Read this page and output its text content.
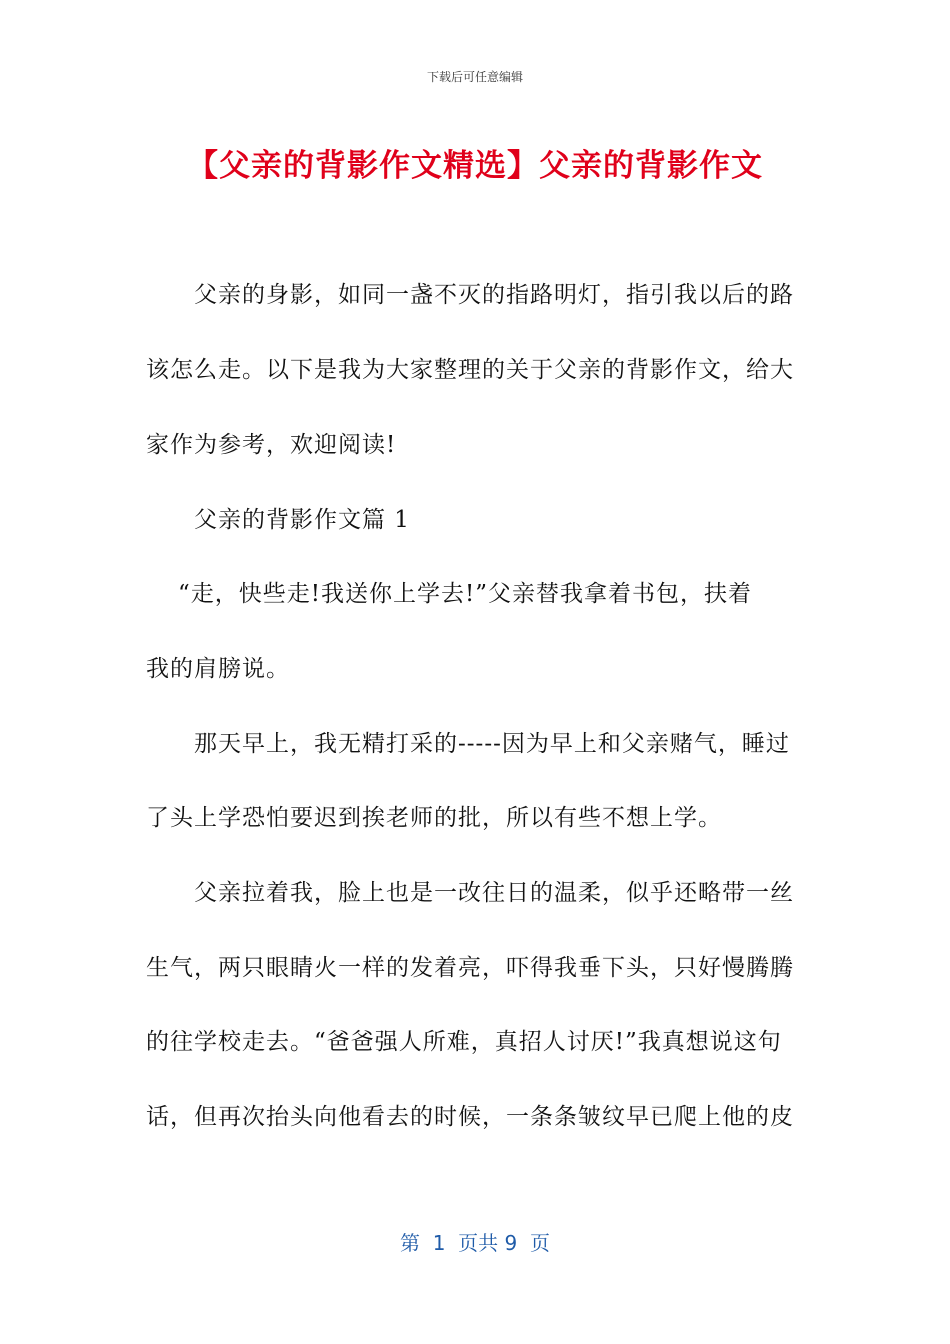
下载后可任意编辑
【父亲的背影作文精选】父亲的背影作文
父亲的身影，如同一盏不灭的指路明灯，指引我以后的路
该怎么走。以下是我为大家整理的关于父亲的背影作文，给大
家作为参考，欢迎阅读!
父亲的背影作文篇 1
“走，快些走!我送你上学去!”父亲替我拿着书包，扶着
我的肩膀说。
那天早上，我无精打采的-----因为早上和父亲赌气，睡过
了头上学恐怕要迟到挨老师的批，所以有些不想上学。
父亲拉着我，脸上也是一改往日的温柔，似乎还略带一丝
生气，两只眼睛火一样的发着亮，吓得我垂下头，只好慢腾腾
的往学校走去。“爸爸强人所难，真招人讨厌!”我真想说这句
话，但再次抬头向他看去的时候，一条条皱纹早已爬上他的皮
第  1  页共 9  页
